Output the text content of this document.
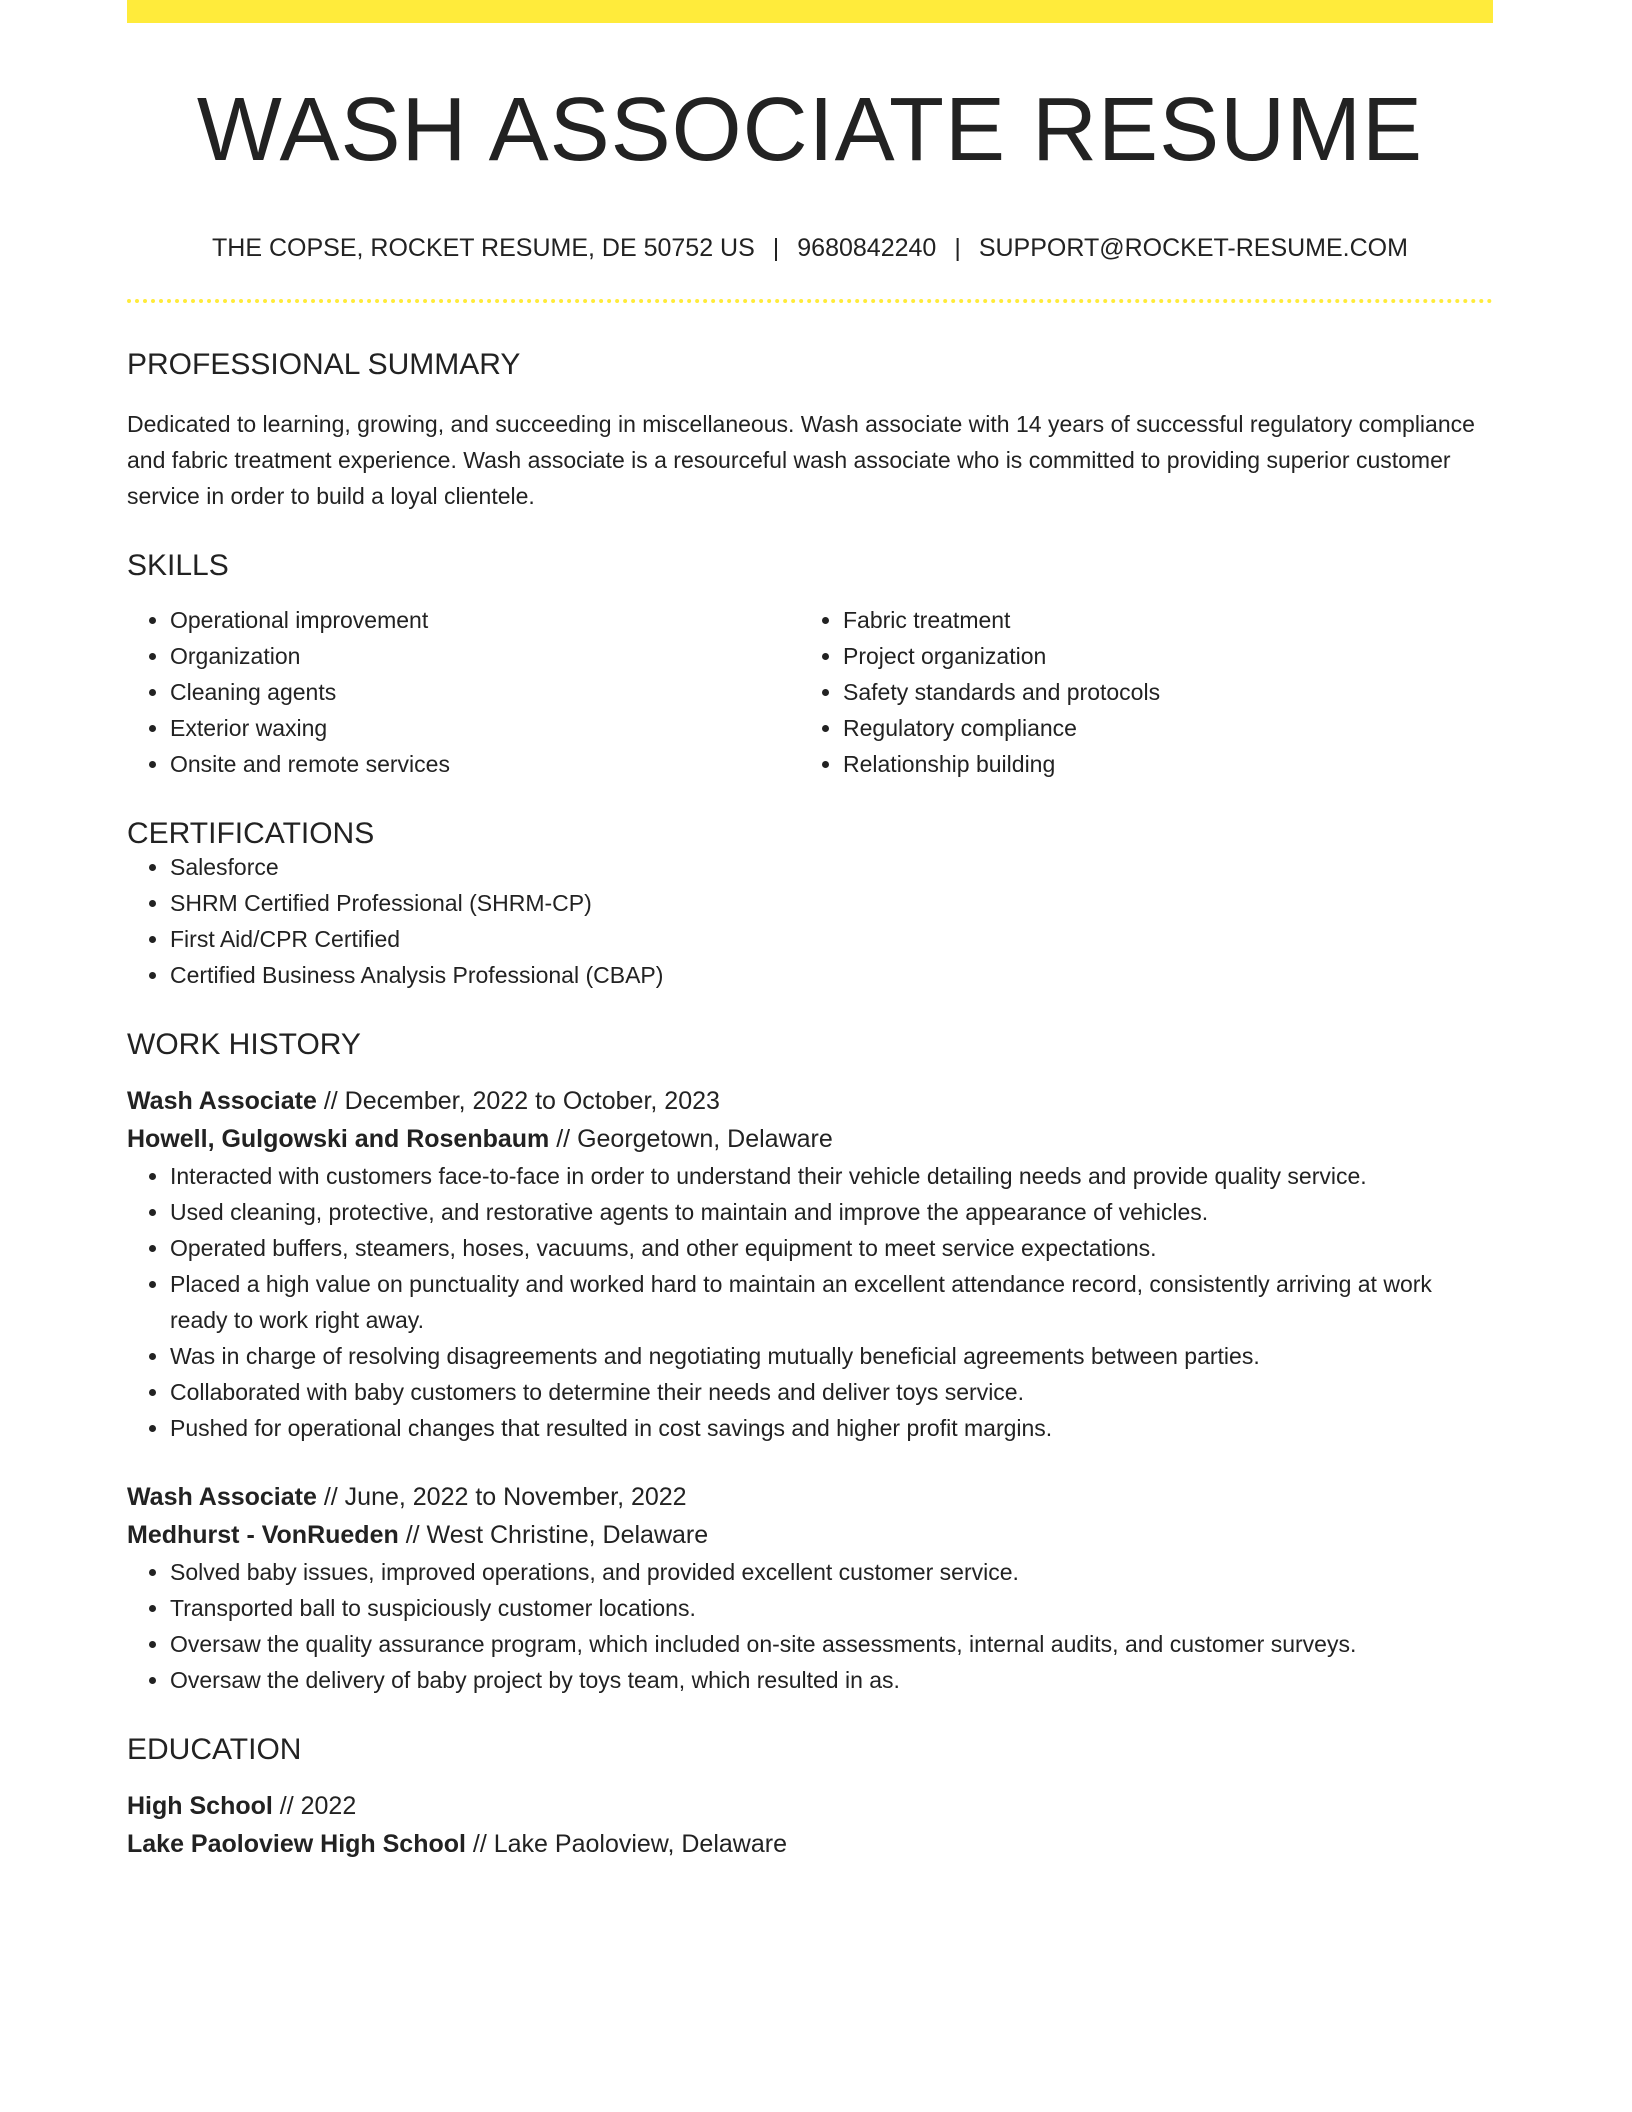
WASH ASSOCIATE RESUME
THE COPSE, ROCKET RESUME, DE 50752 US | 9680842240 | SUPPORT@ROCKET-RESUME.COM
PROFESSIONAL SUMMARY
Dedicated to learning, growing, and succeeding in miscellaneous. Wash associate with 14 years of successful regulatory compliance and fabric treatment experience. Wash associate is a resourceful wash associate who is committed to providing superior customer service in order to build a loyal clientele.
SKILLS
• Operational improvement
• Organization
• Cleaning agents
• Exterior waxing
• Onsite and remote services
• Fabric treatment
• Project organization
• Safety standards and protocols
• Regulatory compliance
• Relationship building
CERTIFICATIONS
• Salesforce
• SHRM Certified Professional (SHRM-CP)
• First Aid/CPR Certified
• Certified Business Analysis Professional (CBAP)
WORK HISTORY
Wash Associate // December, 2022 to October, 2023
Howell, Gulgowski and Rosenbaum // Georgetown, Delaware
• Interacted with customers face-to-face in order to understand their vehicle detailing needs and provide quality service.
• Used cleaning, protective, and restorative agents to maintain and improve the appearance of vehicles.
• Operated buffers, steamers, hoses, vacuums, and other equipment to meet service expectations.
• Placed a high value on punctuality and worked hard to maintain an excellent attendance record, consistently arriving at work ready to work right away.
• Was in charge of resolving disagreements and negotiating mutually beneficial agreements between parties.
• Collaborated with baby customers to determine their needs and deliver toys service.
• Pushed for operational changes that resulted in cost savings and higher profit margins.
Wash Associate // June, 2022 to November, 2022
Medhurst - VonRueden // West Christine, Delaware
• Solved baby issues, improved operations, and provided excellent customer service.
• Transported ball to suspiciously customer locations.
• Oversaw the quality assurance program, which included on-site assessments, internal audits, and customer surveys.
• Oversaw the delivery of baby project by toys team, which resulted in as.
EDUCATION
High School // 2022
Lake Paoloview High School // Lake Paoloview, Delaware
